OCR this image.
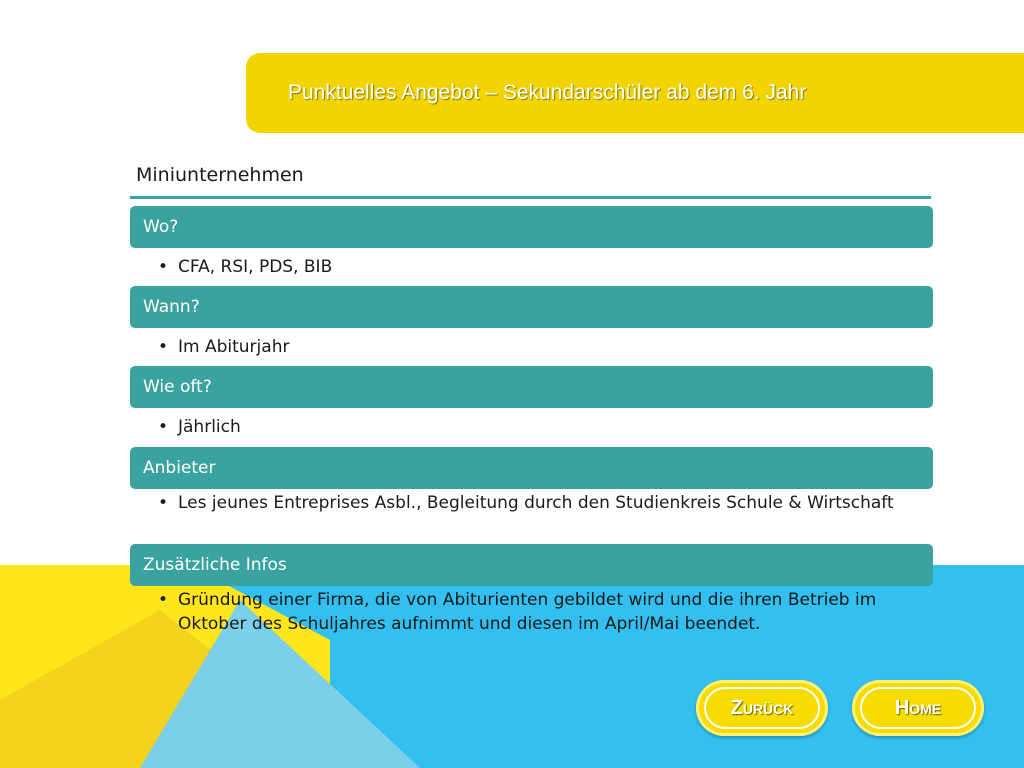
Punktuelles Angebot – Sekundarschüler ab dem 6. Jahr
Miniunternehmen
Wo?
• CFA, RSI, PDS, BIB
Wann?
• Im Abiturjahr
Wie oft?
• Jährlich
Anbieter
• Les jeunes Entreprises Asbl., Begleitung durch den Studienkreis Schule & Wirtschaft
Zusätzliche Infos
• Gründung einer Firma, die von Abiturienten gebildet wird und die ihren Betrieb im Oktober des Schuljahres aufnimmt und diesen im April/Mai beendet.
Zurück	Home
